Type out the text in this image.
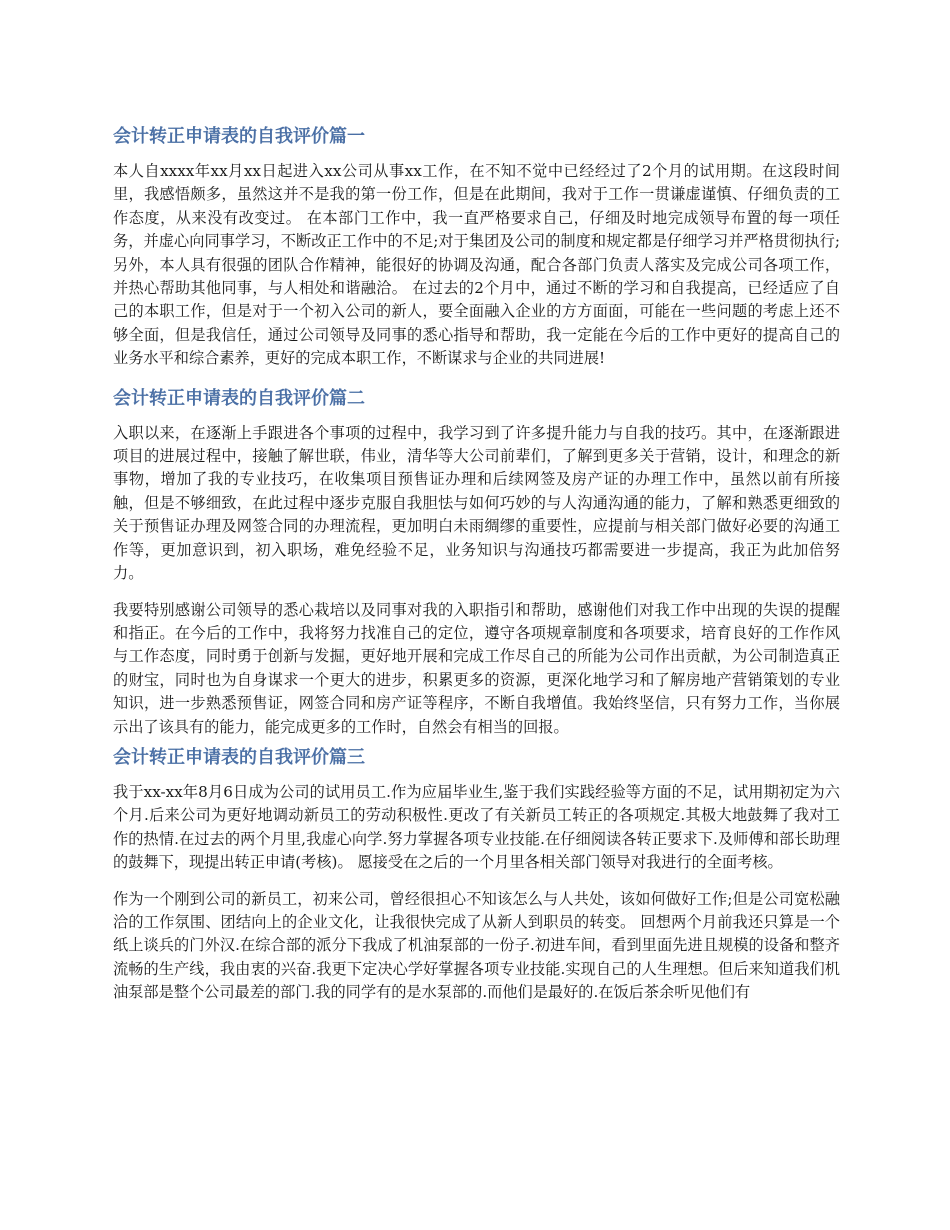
会计转正申请表的自我评价篇一

本人自xxxx年xx月xx日起进入xx公司从事xx工作，在不知不觉中已经经过了2个月的试用期。在这段时间里，我感悟颇多，虽然这并不是我的第一份工作，但是在此期间，我对于工作一贯谦虚谨慎、仔细负责的工作态度，从来没有改变过。 在本部门工作中，我一直严格要求自己，仔细及时地完成领导布置的每一项任务，并虚心向同事学习，不断改正工作中的不足;对于集团及公司的制度和规定都是仔细学习并严格贯彻执行;另外，本人具有很强的团队合作精神，能很好的协调及沟通，配合各部门负责人落实及完成公司各项工作，并热心帮助其他同事，与人相处和谐融洽。 在过去的2个月中，通过不断的学习和自我提高，已经适应了自己的本职工作，但是对于一个初入公司的新人，要全面融入企业的方方面面，可能在一些问题的考虑上还不够全面，但是我信任，通过公司领导及同事的悉心指导和帮助，我一定能在今后的工作中更好的提高自己的业务水平和综合素养，更好的完成本职工作，不断谋求与企业的共同进展!

会计转正申请表的自我评价篇二

入职以来，在逐渐上手跟进各个事项的过程中，我学习到了许多提升能力与自我的技巧。其中，在逐渐跟进项目的进展过程中，接触了解世联，伟业，清华等大公司前辈们，了解到更多关于营销，设计，和理念的新事物，增加了我的专业技巧，在收集项目预售证办理和后续网签及房产证的办理工作中，虽然以前有所接触，但是不够细致，在此过程中逐步克服自我胆怯与如何巧妙的与人沟通沟通的能力，了解和熟悉更细致的关于预售证办理及网签合同的办理流程，更加明白未雨绸缪的重要性，应提前与相关部门做好必要的沟通工作等，更加意识到，初入职场，难免经验不足，业务知识与沟通技巧都需要进一步提高，我正为此加倍努力。

我要特别感谢公司领导的悉心栽培以及同事对我的入职指引和帮助，感谢他们对我工作中出现的失误的提醒和指正。在今后的工作中，我将努力找准自己的定位，遵守各项规章制度和各项要求，培育良好的工作作风与工作态度，同时勇于创新与发掘，更好地开展和完成工作尽自己的所能为公司作出贡献，为公司制造真正的财宝，同时也为自身谋求一个更大的进步，积累更多的资源，更深化地学习和了解房地产营销策划的专业知识，进一步熟悉预售证，网签合同和房产证等程序，不断自我增值。我始终坚信，只有努力工作，当你展示出了该具有的能力，能完成更多的工作时，自然会有相当的回报。

会计转正申请表的自我评价篇三

我于xx-xx年8月6日成为公司的试用员工.作为应届毕业生,鉴于我们实践经验等方面的不足，试用期初定为六个月.后来公司为更好地调动新员工的劳动积极性.更改了有关新员工转正的各项规定.其极大地鼓舞了我对工作的热情.在过去的两个月里,我虚心向学.努力掌握各项专业技能.在仔细阅读各转正要求下.及师傅和部长助理的鼓舞下，现提出转正申请(考核)。 愿接受在之后的一个月里各相关部门领导对我进行的全面考核。

作为一个刚到公司的新员工，初来公司，曾经很担心不知该怎么与人共处，该如何做好工作;但是公司宽松融洽的工作氛围、团结向上的企业文化，让我很快完成了从新人到职员的转变。 回想两个月前我还只算是一个纸上谈兵的门外汉.在综合部的派分下我成了机油泵部的一份子.初进车间，看到里面先进且规模的设备和整齐流畅的生产线，我由衷的兴奋.我更下定决心学好掌握各项专业技能.实现自己的人生理想。但后来知道我们机油泵部是整个公司最差的部门.我的同学有的是水泵部的.而他们是最好的.在饭后茶余听见他们有
